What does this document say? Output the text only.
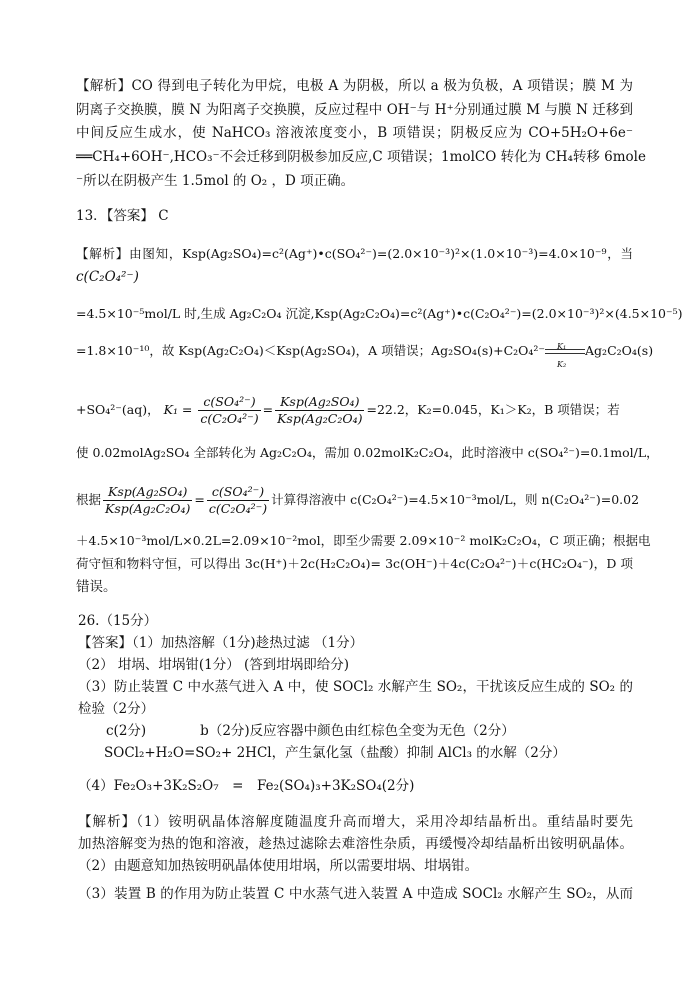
【解析】CO 得到电子转化为甲烷，电极 A 为阴极，所以 a 极为负极，A 项错误；膜 M 为
阴离子交换膜，膜 N 为阳离子交换膜，反应过程中 OH⁻与 H⁺分别通过膜 M 与膜 N 迁移到
中间反应生成水，使 NaHCO₃ 溶液浓度变小，B 项错误；阴极反应为 CO+5H₂O+6e⁻
══CH₄+6OH⁻,HCO₃⁻不会迁移到阴极参加反应,C 项错误；1molCO 转化为 CH₄转移 6mole
⁻所以在阴极产生 1.5mol 的 O₂ ，D 项正确。
13．【答案】 C
【解析】由图知，Ksp(Ag₂SO₄)=c²(Ag⁺)•c(SO₄²⁻)=(2.0×10⁻³)²×(1.0×10⁻³)=4.0×10⁻⁹，当
c(C₂O₄²⁻)
=4.5×10⁻⁵mol/L 时,生成 Ag₂C₂O₄ 沉淀,Ksp(Ag₂C₂O₄)=c²(Ag⁺)•c(C₂O₄²⁻)=(2.0×10⁻³)²×(4.5×10⁻⁵)
=1.8×10⁻¹⁰，故 Ksp(Ag₂C₂O₄)＜Ksp(Ag₂SO₄)，A 项错误；$Ag_2SO_4(s)+C_2O_4^{2-} \frac{\text{K₁}}{\text{K₂}} Ag_2C_2O_4(s)$
+SO₄²⁻(aq)， $K_1 = \frac{\text{c(SO₄²⁻)}}{\text{c(C₂O₄²⁻)}} = \frac{\text{Ksp(Ag₂SO₄)}}{\text{Ksp(Ag₂C₂O₄)}} =22.2$，K₂=0.045，K₁＞K₂，B 项错误；若
使 0.02molAg₂SO₄ 全部转化为 Ag₂C₂O₄，需加 0.02molK₂C₂O₄，此时溶液中 c(SO₄²⁻)=0.1mol/L，
根据 $\frac{\text{Ksp(Ag₂SO₄)}}{\text{Ksp(Ag₂C₂O₄)}} = \frac{\text{c(SO₄²⁻)}}{\text{c(C₂O₄²⁻)}}$ 计算得溶液中 c(C₂O₄²⁻)=4.5×10⁻³mol/L，则 n(C₂O₄²⁻)=0.02
＋4.5×10⁻³mol/L×0.2L=2.09×10⁻²mol，即至少需要 2.09×10⁻² molK₂C₂O₄，C 项正确；根据电
荷守恒和物料守恒，可以得出 3c(H⁺)＋2c(H₂C₂O₄)= 3c(OH⁻)＋4c(C₂O₄²⁻)＋c(HC₂O₄⁻)，D 项
错误。
26.（15分）
【答案】（1）加热溶解（1分)趁热过滤 （1分）
（2） 坩埚、坩埚钳(1分） (答到坩埚即给分)
（3）防止装置 C 中水蒸气进入 A 中，使 SOCl₂ 水解产生 SO₂，干扰该反应生成的 SO₂ 的
检验（2分）
c(2分)　　　　b（2分)反应容器中颜色由红棕色全变为无色（2分）
SOCl₂+H₂O=SO₂+ 2HCl，产生氯化氢（盐酸）抑制 AlCl₃ 的水解（2分）
（4）Fe₂O₃+3K₂S₂O₇　=　Fe₂(SO₄)₃+3K₂SO₄(2分)
【解析】（1）铵明矾晶体溶解度随温度升高而增大，采用冷却结晶析出。重结晶时要先
加热溶解变为热的饱和溶液，趁热过滤除去难溶性杂质，再缓慢冷却结晶析出铵明矾晶体。
（2）由题意知加热铵明矾晶体使用坩埚，所以需要坩埚、坩埚钳。
（3）装置 B 的作用为防止装置 C 中水蒸气进入装置 A 中造成 SOCl₂ 水解产生 SO₂，从而
